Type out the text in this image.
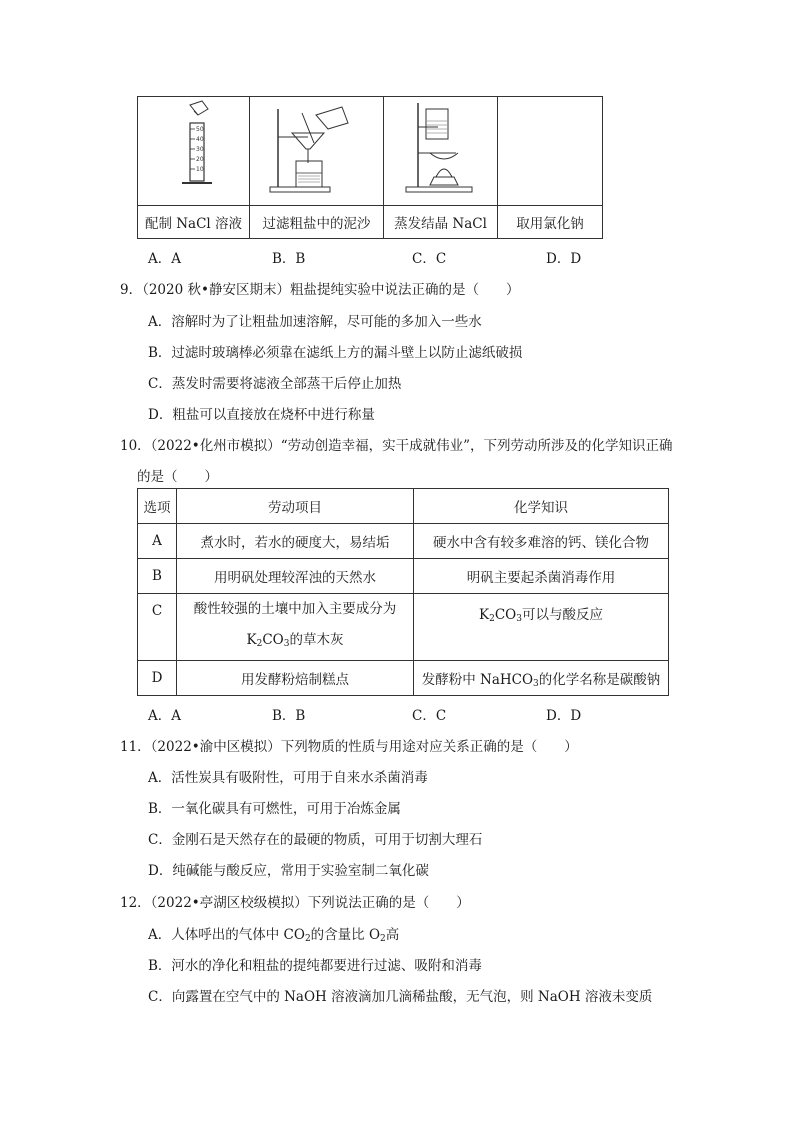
50
40
30
20
10

配制 NaCl 溶液	过滤粗盐中的泥沙	蒸发结晶 NaCl	取用氯化钠
A．A	B．B	C．C	D．D
9．（2020 秋•静安区期末）粗盐提纯实验中说法正确的是（　　）
A．溶解时为了让粗盐加速溶解，尽可能的多加入一些水
B．过滤时玻璃棒必须靠在滤纸上方的漏斗壁上以防止滤纸破损
C．蒸发时需要将滤液全部蒸干后停止加热
D．粗盐可以直接放在烧杯中进行称量
10．（2022•化州市模拟）“劳动创造幸福，实干成就伟业”，下列劳动所涉及的化学知识正确
的是（　　）
选项	劳动项目	化学知识
A	煮水时，若水的硬度大，易结垢	硬水中含有较多难溶的钙、镁化合物
B	用明矾处理较浑浊的天然水	明矾主要起杀菌消毒作用
C	酸性较强的土壤中加入主要成分为
$K_2CO_3$的草木灰	$K_2CO_3$可以与酸反应
D	用发酵粉焙制糕点	发酵粉中 NaHCO$_3$的化学名称是碳酸钠
A．A	B．B	C．C	D．D
11．（2022•渝中区模拟）下列物质的性质与用途对应关系正确的是（　　）
A．活性炭具有吸附性，可用于自来水杀菌消毒
B．一氧化碳具有可燃性，可用于冶炼金属
C．金刚石是天然存在的最硬的物质，可用于切割大理石
D．纯碱能与酸反应，常用于实验室制二氧化碳
12．（2022•亭湖区校级模拟）下列说法正确的是（　　）
A．人体呼出的气体中 $CO_2$的含量比 $O_2$高
B．河水的净化和粗盐的提纯都要进行过滤、吸附和消毒
C．向露置在空气中的 NaOH 溶液滴加几滴稀盐酸，无气泡，则 NaOH 溶液未变质
